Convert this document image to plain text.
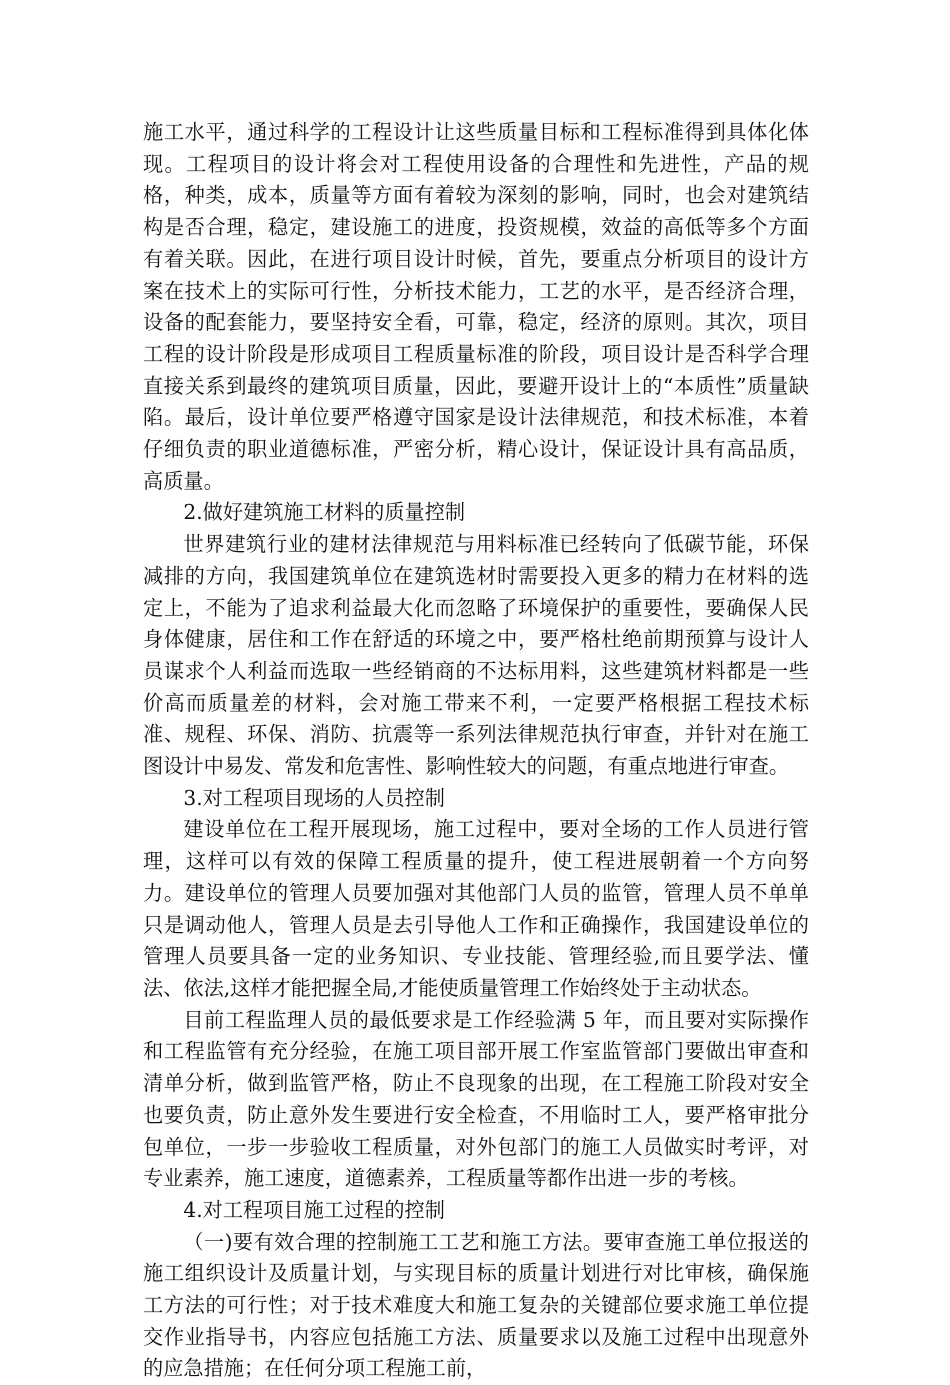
施工水平，通过科学的工程设计让这些质量目标和工程标准得到具体化体现。工程项目的设计将会对工程使用设备的合理性和先进性，产品的规格，种类，成本，质量等方面有着较为深刻的影响，同时，也会对建筑结构是否合理，稳定，建设施工的进度，投资规模，效益的高低等多个方面有着关联。因此，在进行项目设计时候，首先，要重点分析项目的设计方案在技术上的实际可行性，分析技术能力，工艺的水平，是否经济合理，设备的配套能力，要坚持安全看，可靠，稳定，经济的原则。其次，项目工程的设计阶段是形成项目工程质量标准的阶段，项目设计是否科学合理直接关系到最终的建筑项目质量，因此，要避开设计上的“本质性”质量缺陷。最后，设计单位要严格遵守国家是设计法律规范，和技术标准，本着仔细负责的职业道德标准，严密分析，精心设计，保证设计具有高品质，高质量。

2.做好建筑施工材料的质量控制

世界建筑行业的建材法律规范与用料标准已经转向了低碳节能，环保减排的方向，我国建筑单位在建筑选材时需要投入更多的精力在材料的选定上，不能为了追求利益最大化而忽略了环境保护的重要性，要确保人民身体健康，居住和工作在舒适的环境之中，要严格杜绝前期预算与设计人员谋求个人利益而选取一些经销商的不达标用料，这些建筑材料都是一些价高而质量差的材料，会对施工带来不利，一定要严格根据工程技术标准、规程、环保、消防、抗震等一系列法律规范执行审查，并针对在施工图设计中易发、常发和危害性、影响性较大的问题，有重点地进行审查。

3.对工程项目现场的人员控制

建设单位在工程开展现场，施工过程中，要对全场的工作人员进行管理，这样可以有效的保障工程质量的提升，使工程进展朝着一个方向努力。建设单位的管理人员要加强对其他部门人员的监管，管理人员不单单只是调动他人，管理人员是去引导他人工作和正确操作，我国建设单位的管理人员要具备一定的业务知识、专业技能、管理经验,而且要学法、懂法、依法,这样才能把握全局,才能使质量管理工作始终处于主动状态。

目前工程监理人员的最低要求是工作经验满 5 年，而且要对实际操作和工程监管有充分经验，在施工项目部开展工作室监管部门要做出审查和清单分析，做到监管严格，防止不良现象的出现，在工程施工阶段对安全也要负责，防止意外发生要进行安全检查，不用临时工人，要严格审批分包单位，一步一步验收工程质量，对外包部门的施工人员做实时考评，对专业素养，施工速度，道德素养，工程质量等都作出进一步的考核。

4.对工程项目施工过程的控制

（一)要有效合理的控制施工工艺和施工方法。要审查施工单位报送的施工组织设计及质量计划，与实现目标的质量计划进行对比审核，确保施工方法的可行性；对于技术难度大和施工复杂的关键部位要求施工单位提交作业指导书，内容应包括施工方法、质量要求以及施工过程中出现意外的应急措施；在任何分项工程施工前，
